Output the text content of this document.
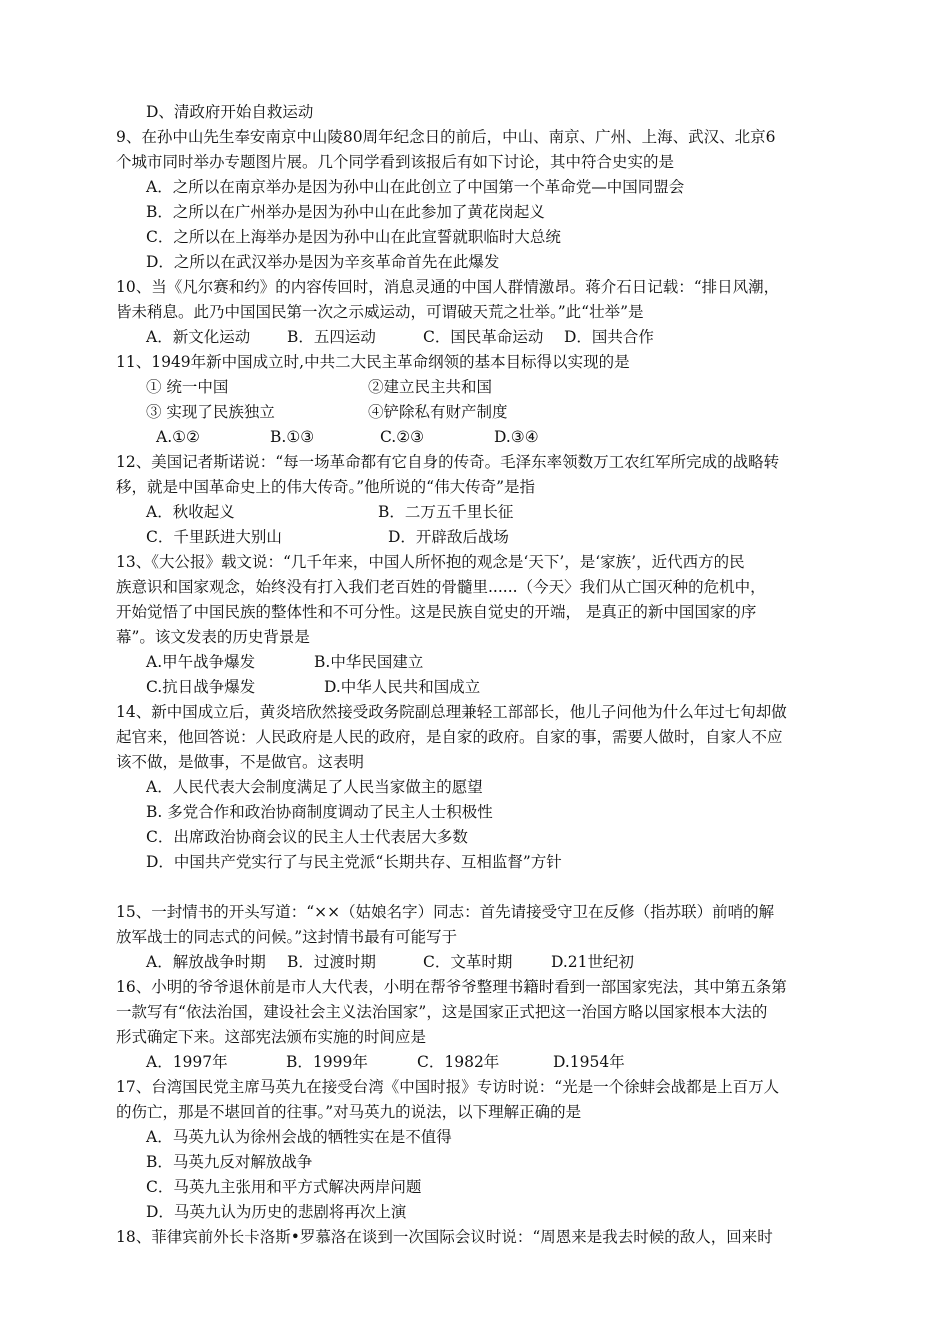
D、清政府开始自救运动
9、在孙中山先生奉安南京中山陵80周年纪念日的前后，中山、南京、广州、上海、武汉、北京6
个城市同时举办专题图片展。几个同学看到该报后有如下讨论，其中符合史实的是
A．之所以在南京举办是因为孙中山在此创立了中国第一个革命党—中国同盟会
B．之所以在广州举办是因为孙中山在此参加了黄花岗起义
C．之所以在上海举办是因为孙中山在此宣誓就职临时大总统
D．之所以在武汉举办是因为辛亥革命首先在此爆发
10、当《凡尔赛和约》的内容传回时，消息灵通的中国人群情激昂。蒋介石日记载：“排日风潮，
皆未稍息。此乃中国国民第一次之示威运动，可谓破天荒之壮举。”此“壮举”是
A．新文化运动	B．五四运动	C．国民革命运动	D．国共合作
11、1949年新中国成立时,中共二大民主革命纲领的基本目标得以实现的是
① 统一中国	②建立民主共和国
③ 实现了民族独立	④铲除私有财产制度
A.①②	B.①③	C.②③	D.③④
12、美国记者斯诺说：“每一场革命都有它自身的传奇。毛泽东率领数万工农红军所完成的战略转
移，就是中国革命史上的伟大传奇。”他所说的“伟大传奇”是指
A．秋收起义	B．二万五千里长征
C．千里跃进大别山	D．开辟敌后战场
13、《大公报》载文说：“几千年来，中国人所怀抱的观念是‘天下’，是‘家族’，近代西方的民
族意识和国家观念，始终没有打入我们老百姓的骨髓里......（今天〉我们从亡国灭种的危机中，
开始觉悟了中国民族的整体性和不可分性。这是民族自觉史的开端， 是真正的新中国国家的序
幕”。该文发表的历史背景是
A.甲午战争爆发	B.中华民国建立
C.抗日战争爆发	D.中华人民共和国成立
14、新中国成立后，黄炎培欣然接受政务院副总理兼轻工部部长，他儿子问他为什么年过七旬却做
起官来，他回答说：人民政府是人民的政府，是自家的政府。自家的事，需要人做时，自家人不应
该不做，是做事，不是做官。这表明
A．人民代表大会制度满足了人民当家做主的愿望
B. 多党合作和政治协商制度调动了民主人士积极性
C．出席政治协商会议的民主人士代表居大多数
D．中国共产党实行了与民主党派“长期共存、互相监督”方针
15、一封情书的开头写道：“××（姑娘名字）同志：首先请接受守卫在反修（指苏联）前哨的解
放军战士的同志式的问候。”这封情书最有可能写于
A．解放战争时期	B．过渡时期	C．文革时期	D.21世纪初
16、小明的爷爷退休前是市人大代表，小明在帮爷爷整理书籍时看到一部国家宪法，其中第五条第
一款写有“依法治国，建设社会主义法治国家”，这是国家正式把这一治国方略以国家根本大法的
形式确定下来。这部宪法颁布实施的时间应是
A．1997年	B．1999年	C．1982年	D.1954年
17、台湾国民党主席马英九在接受台湾《中国时报》专访时说：“光是一个徐蚌会战都是上百万人
的伤亡，那是不堪回首的往事。”对马英九的说法，以下理解正确的是
A．马英九认为徐州会战的牺牲实在是不值得
B．马英九反对解放战争
C．马英九主张用和平方式解决两岸问题
D．马英九认为历史的悲剧将再次上演
18、菲律宾前外长卡洛斯•罗慕洛在谈到一次国际会议时说：“周恩来是我去时候的敌人，回来时
